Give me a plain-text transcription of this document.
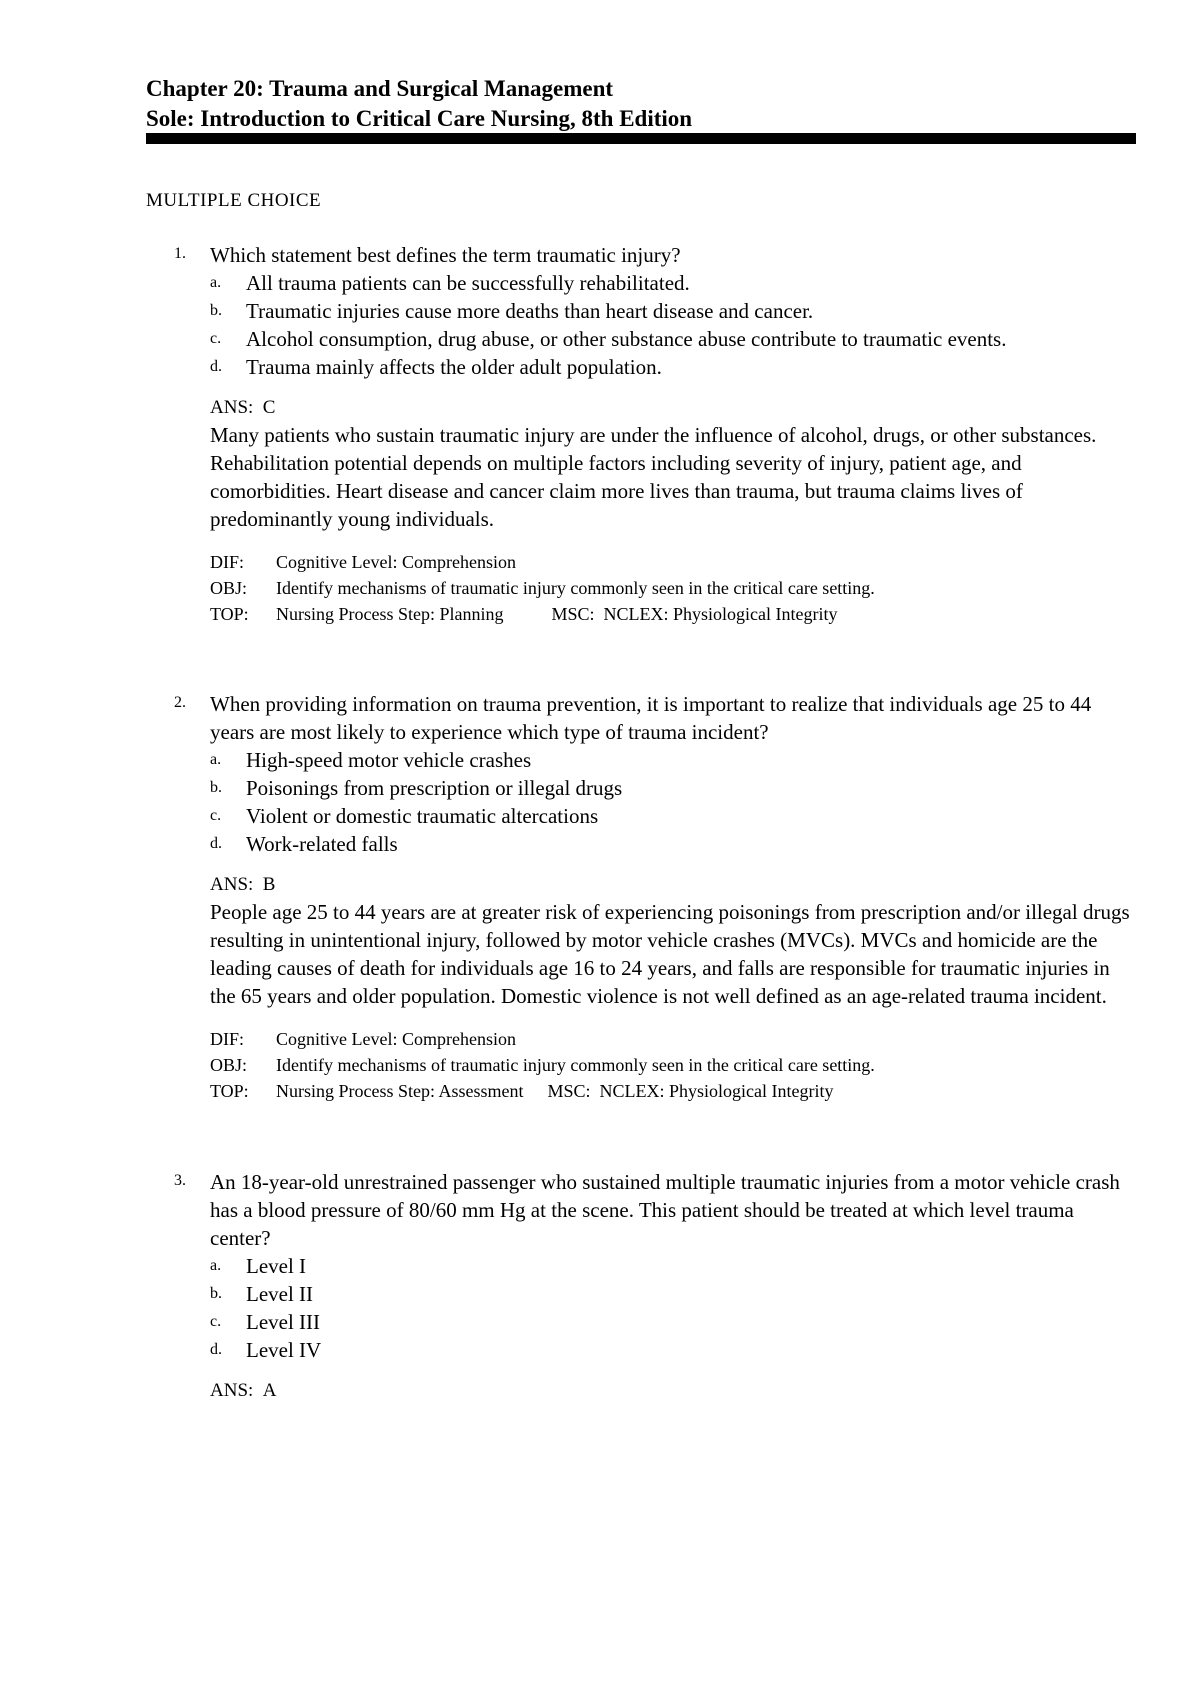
Chapter 20: Trauma and Surgical Management
Sole: Introduction to Critical Care Nursing, 8th Edition
MULTIPLE CHOICE
1.	Which statement best defines the term traumatic injury?
a.	All trauma patients can be successfully rehabilitated.
b.	Traumatic injuries cause more deaths than heart disease and cancer.
c.	Alcohol consumption, drug abuse, or other substance abuse contribute to traumatic events.
d.	Trauma mainly affects the older adult population.
ANS: C
Many patients who sustain traumatic injury are under the influence of alcohol, drugs, or other substances. Rehabilitation potential depends on multiple factors including severity of injury, patient age, and comorbidities. Heart disease and cancer claim more lives than trauma, but trauma claims lives of predominantly young individuals.
DIF:	Cognitive Level: Comprehension
OBJ:	Identify mechanisms of traumatic injury commonly seen in the critical care setting.
TOP:	Nursing Process Step: Planning	MSC:
NCLEX: Physiological Integrity
2.	When providing information on trauma prevention, it is important to realize that individuals age 25 to 44 years are most likely to experience which type of trauma incident?
a.	High-speed motor vehicle crashes
b.	Poisonings from prescription or illegal drugs
c.	Violent or domestic traumatic altercations
d.	Work-related falls
ANS: B
People age 25 to 44 years are at greater risk of experiencing poisonings from prescription and/or illegal drugs resulting in unintentional injury, followed by motor vehicle crashes (MVCs). MVCs and homicide are the leading causes of death for individuals age 16 to 24 years, and falls are responsible for traumatic injuries in the 65 years and older population. Domestic violence is not well defined as an age-related trauma incident.
DIF:	Cognitive Level: Comprehension
OBJ:	Identify mechanisms of traumatic injury commonly seen in the critical care setting.
TOP:	Nursing Process Step: Assessment MSC:
NCLEX: Physiological Integrity
3.	An 18-year-old unrestrained passenger who sustained multiple traumatic injuries from a motor vehicle crash has a blood pressure of 80/60 mm Hg at the scene. This patient should be treated at which level trauma center?
a.	Level I
b.	Level II
c.	Level III
d.	Level IV
ANS: A
